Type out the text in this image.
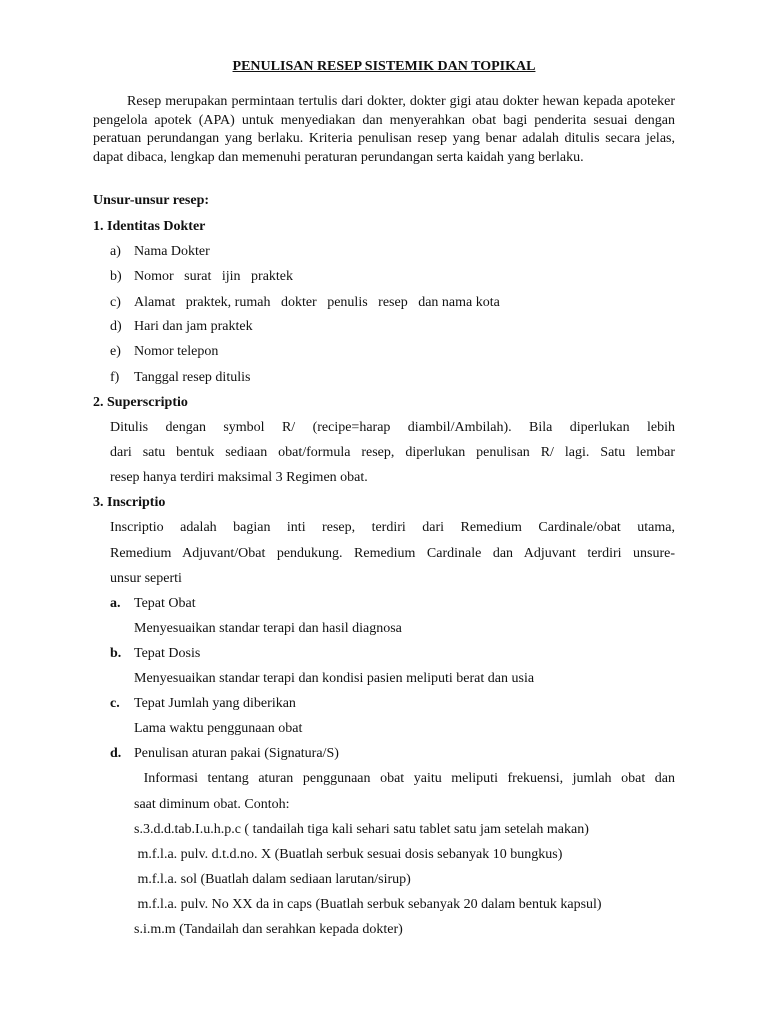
PENULISAN RESEP SISTEMIK DAN TOPIKAL
Resep merupakan permintaan tertulis dari dokter, dokter gigi atau dokter hewan kepada apoteker pengelola apotek (APA) untuk menyediakan dan menyerahkan obat bagi penderita sesuai dengan peratuan perundangan yang berlaku. Kriteria penulisan resep yang benar adalah ditulis secara jelas, dapat dibaca, lengkap dan memenuhi peraturan perundangan serta kaidah yang berlaku.
Unsur-unsur resep:
1. Identitas Dokter
a) Nama Dokter
b) Nomor   surat   ijin   praktek
c) Alamat   praktek, rumah   dokter   penulis   resep   dan nama kota
d) Hari dan jam praktek
e) Nomor telepon
f) Tanggal resep ditulis
2. Superscriptio
Ditulis dengan symbol R/ (recipe=harap diambil/Ambilah). Bila diperlukan lebih
dari satu bentuk sediaan obat/formula resep, diperlukan penulisan R/ lagi. Satu lembar
resep hanya terdiri maksimal 3 Regimen obat.
3. Inscriptio
Inscriptio adalah bagian inti resep, terdiri dari Remedium Cardinale/obat utama,
Remedium Adjuvant/Obat pendukung. Remedium Cardinale dan Adjuvant terdiri unsure-
unsur seperti
a. Tepat Obat
Menyesuaikan standar terapi dan hasil diagnosa
b. Tepat Dosis
Menyesuaikan standar terapi dan kondisi pasien meliputi berat dan usia
c. Tepat Jumlah yang diberikan
Lama waktu penggunaan obat
d. Penulisan aturan pakai (Signatura/S)
Informasi tentang aturan penggunaan obat yaitu meliputi frekuensi, jumlah obat dan
saat diminum obat. Contoh:
s.3.d.d.tab.I.u.h.p.c ( tandailah tiga kali sehari satu tablet satu jam setelah makan)
m.f.l.a. pulv. d.t.d.no. X (Buatlah serbuk sesuai dosis sebanyak 10 bungkus)
m.f.l.a. sol (Buatlah dalam sediaan larutan/sirup)
m.f.l.a. pulv. No XX da in caps (Buatlah serbuk sebanyak 20 dalam bentuk kapsul)
s.i.m.m (Tandailah dan serahkan kepada dokter)
